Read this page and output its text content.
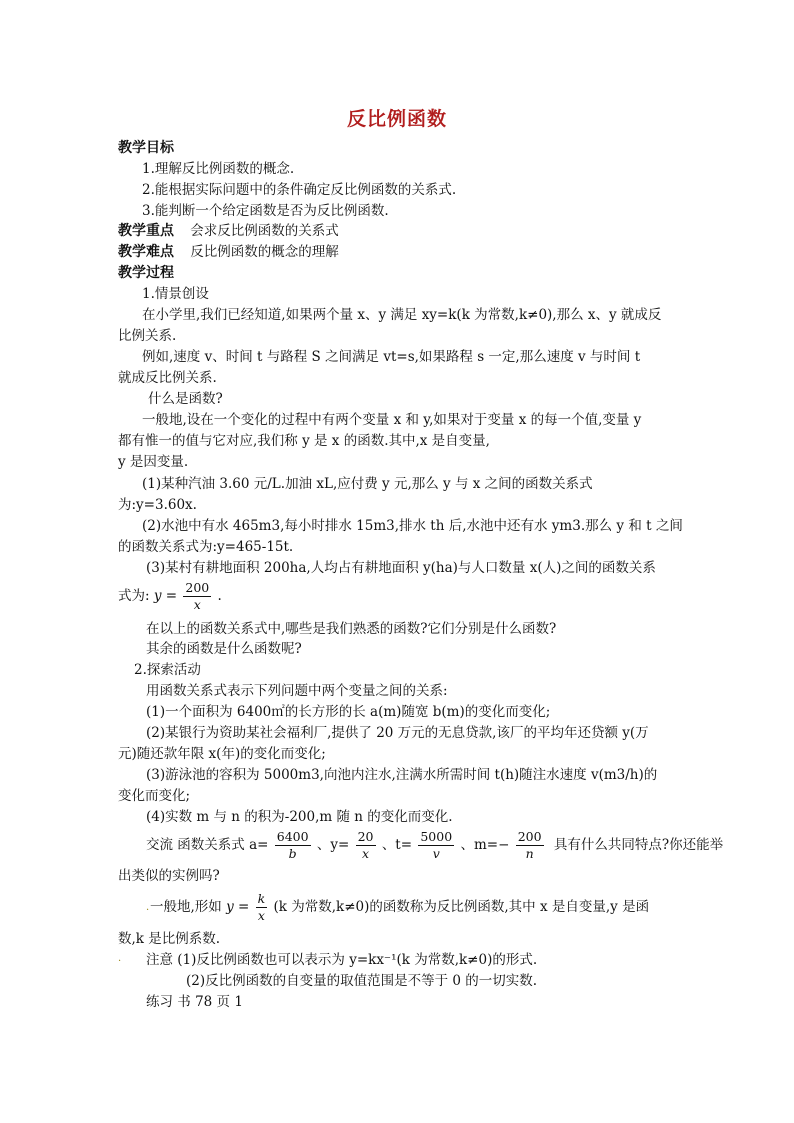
反比例函数
教学目标
1.理解反比例函数的概念.
2.能根据实际问题中的条件确定反比例函数的关系式.
3.能判断一个给定函数是否为反比例函数.
教学重点 会求反比例函数的关系式
教学难点 反比例函数的概念的理解
教学过程
1.情景创设
在小学里,我们已经知道,如果两个量 x、y 满足 xy=k(k 为常数,k≠0),那么 x、y 就成反
比例关系.
例如,速度 v、时间 t 与路程 S 之间满足 vt=s,如果路程 s 一定,那么速度 v 与时间 t
就成反比例关系.
什么是函数?
一般地,设在一个变化的过程中有两个变量 x 和 y,如果对于变量 x 的每一个值,变量 y
都有惟一的值与它对应,我们称 y 是 x 的函数.其中,x 是自变量,
y 是因变量.
(1)某种汽油 3.60 元/L.加油 xL,应付费 y 元,那么 y 与 x 之间的函数关系式
为:y=3.60x.
(2)水池中有水 465m3,每小时排水 15m3,排水 th 后,水池中还有水 ym3.那么 y 和 t 之间
的函数关系式为:y=465-15t.
(3)某村有耕地面积 200ha,人均占有耕地面积 y(ha)与人口数量 x(人)之间的函数关系
式为: $y = \frac{200}{x}$ .
在以上的函数关系式中,哪些是我们熟悉的函数?它们分别是什么函数?
其余的函数是什么函数呢?
2.探索活动
用函数关系式表示下列问题中两个变量之间的关系:
(1)一个面积为 6400㎡的长方形的长 a(m)随宽 b(m)的变化而变化;
(2)某银行为资助某社会福利厂,提供了 20 万元的无息贷款,该厂的平均年还贷额 y(万
元)随还款年限 x(年)的变化而变化;
(3)游泳池的容积为 5000m3,向池内注水,注满水所需时间 t(h)随注水速度 v(m3/h)的
变化而变化;
(4)实数 m 与 n 的积为-200,m 随 n 的变化而变化.
交流 函数关系式 $a= \frac{6400}{b}$ 、$y= \frac{20}{x}$ 、$t= \frac{5000}{v}$ 、$m=- \frac{200}{n}$ 具有什么共同特点?你还能举
出类似的实例吗?
· 一般地,形如 $y = \frac{k}{x} (k$ 为常数,k≠0)的函数称为反比例函数,其中 x 是自变量,y 是函
数,k 是比例系数.
· 注意 (1)反比例函数也可以表示为 y=kx⁻¹(k 为常数,k≠0)的形式.
(2)反比例函数的自变量的取值范围是不等于 0 的一切实数.
练习 书 78 页 1
